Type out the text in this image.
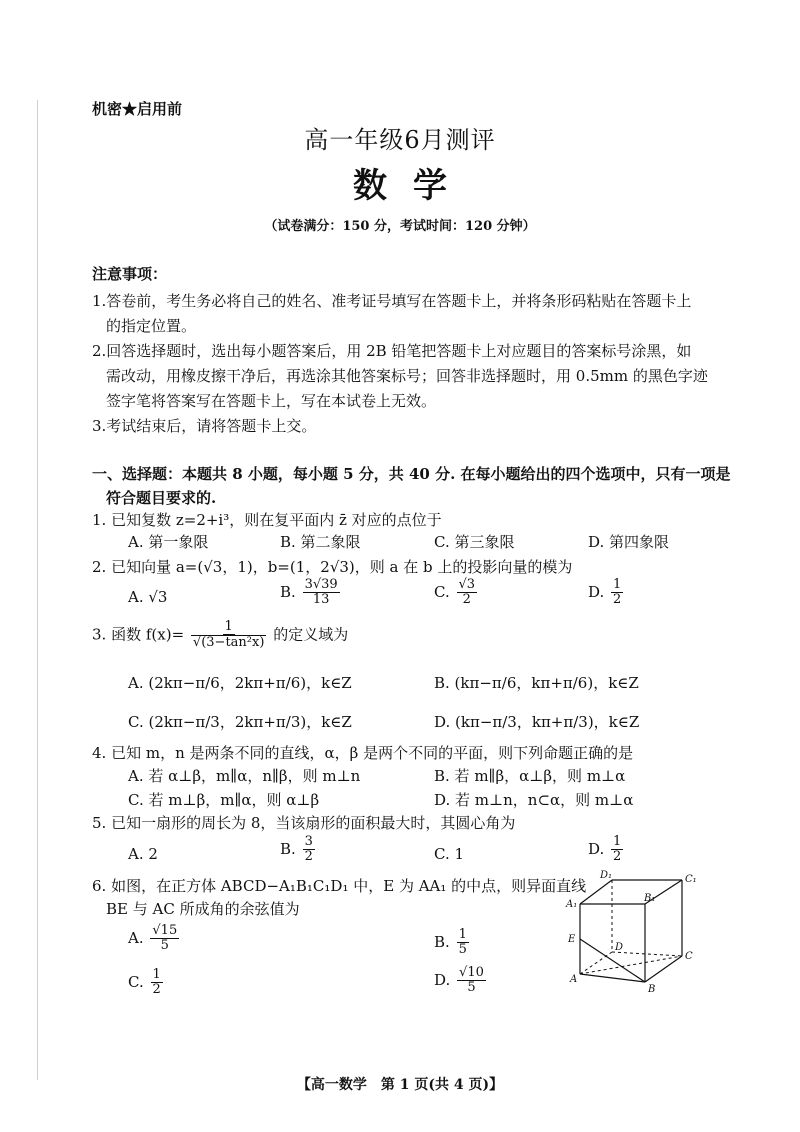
机密★启用前
高一年级6月测评
数学
（试卷满分：150 分，考试时间：120 分钟）
注意事项：
1.答卷前，考生务必将自己的姓名、准考证号填写在答题卡上，并将条形码粘贴在答题卡上
的指定位置。
2.回答选择题时，选出每小题答案后，用 2B 铅笔把答题卡上对应题目的答案标号涂黑，如
需改动，用橡皮擦干净后，再选涂其他答案标号；回答非选择题时，用 0.5mm 的黑色字迹
签字笔将答案写在答题卡上，写在本试卷上无效。
3.考试结束后，请将答题卡上交。
一、选择题：本题共 8 小题，每小题 5 分，共 40 分. 在每小题给出的四个选项中，只有一项是
符合题目要求的.
1. 已知复数 z=2+i³，则在复平面内 z̄ 对应的点位于
A. 第一象限	B. 第二象限	C. 第三象限	D. 第四象限
2. 已知向量 a=(√3，1)，b=(1，2√3)，则 a 在 b 上的投影向量的模为
A. √3	B. $\frac{3√39}{13}$	C. $\frac{√3}{2}$	D. $\frac{1}{2}$
3. 函数 $f(x)= \frac{1}{\text{√(3−tan²x)}}$ 的定义域为
A. (2kπ−π/6，2kπ+π/6)，k∈Z	B. (kπ−π/6，kπ+π/6)，k∈Z
C. (2kπ−π/3，2kπ+π/3)，k∈Z	D. (kπ−π/3，kπ+π/3)，k∈Z
4. 已知 m，n 是两条不同的直线，α，β 是两个不同的平面，则下列命题正确的是
A. 若 α⊥β，m∥α，n∥β，则 m⊥n	B. 若 m∥β，α⊥β，则 m⊥α
C. 若 m⊥β，m∥α，则 α⊥β	D. 若 m⊥n，n⊂α，则 m⊥α
5. 已知一扇形的周长为 8，当该扇形的面积最大时，其圆心角为
A. 2	B. $\frac{3}{2}$	C. 1	D. $\frac{1}{2}$
6. 如图，在正方体 ABCD−A₁B₁C₁D₁ 中，E 为 AA₁ 的中点，则异面直线
BE 与 AC 所成角的余弦值为
A. $\frac{√15}{5}$	B. $\frac{1}{5}$
C. $\frac{1}{2}$	D. $\frac{√10}{5}$
D₁	C₁
B₁
A₁
E
D
C
A
B
【高一数学　第 1 页(共 4 页)】
